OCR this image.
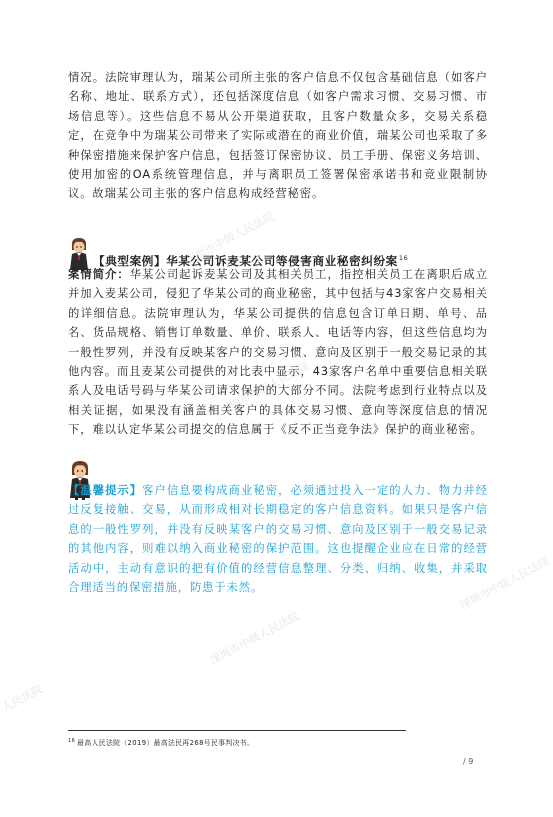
深圳市中级人民法院
深圳市中级人民法院
深圳市中级人民法院
深圳市中级人民法院
人民法院

情况。法院审理认为，瑞某公司所主张的客户信息不仅包含基础信息（如客户名称、地址、联系方式），还包括深度信息（如客户需求习惯、交易习惯、市场信息等）。这些信息不易从公开渠道获取，且客户数量众多，交易关系稳定，在竞争中为瑞某公司带来了实际或潜在的商业价值，瑞某公司也采取了多种保密措施来保护客户信息，包括签订保密协议、员工手册、保密义务培训、使用加密的OA系统管理信息，并与离职员工签署保密承诺书和竞业限制协议。故瑞某公司主张的客户信息构成经营秘密。

【典型案例】华某公司诉麦某公司等侵害商业秘密纠纷案$^{16}$

案情简介：华某公司起诉麦某公司及其相关员工，指控相关员工在离职后成立并加入麦某公司，侵犯了华某公司的商业秘密，其中包括与43家客户交易相关的详细信息。法院审理认为，华某公司提供的信息包含订单日期、单号、品名、货品规格、销售订单数量、单价、联系人、电话等内容，但这些信息均为一般性罗列，并没有反映某客户的交易习惯、意向及区别于一般交易记录的其他内容。而且麦某公司提供的对比表中显示，43家客户名单中重要信息相关联系人及电话号码与华某公司请求保护的大部分不同。法院考虑到行业特点以及相关证据，如果没有涵盖相关客户的具体交易习惯、意向等深度信息的情况下，难以认定华某公司提交的信息属于《反不正当竞争法》保护的商业秘密。

【温馨提示】客户信息要构成商业秘密，必须通过投入一定的人力、物力并经过反复接触、交易，从而形成相对长期稳定的客户信息资料。如果只是客户信息的一般性罗列，并没有反映某客户的交易习惯、意向及区别于一般交易记录的其他内容，则难以纳入商业秘密的保护范围。这也提醒企业应在日常的经营活动中，主动有意识的把有价值的经营信息整理、分类、归纳、收集，并采取合理适当的保密措施，防患于未然。

$^{16}$ 最高人民法院（2019）最高法民再268号民事判决书。

/ 9
